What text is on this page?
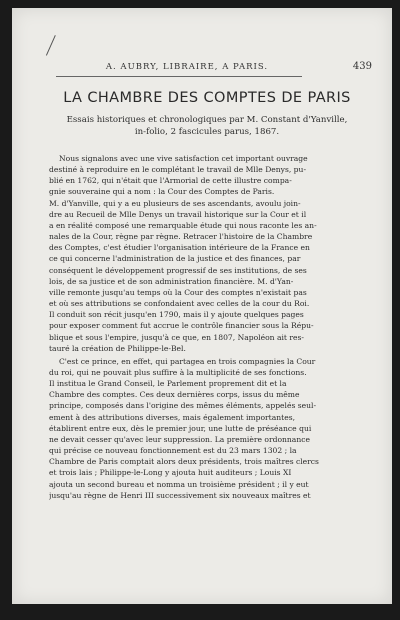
A. AUBRY, LIBRAIRE, A PARIS.	439
LA CHAMBRE DES COMPTES DE PARIS
Essais historiques et chronologiques par M. Constant d'Yanville,
in-folio, 2 fascicules parus, 1867.
Nous signalons avec une vive satisfaction cet important ouvrage
destiné à reproduire en le complétant le travail de Mlle Denys, pu-
blié en 1762, qui n'était que l'Armorial de cette illustre compa-
gnie souveraine qui a nom : la Cour des Comptes de Paris.
M. d'Yanville, qui y a eu plusieurs de ses ascendants, avoulu join-
dre au Recueil de Mlle Denys un travail historique sur la Cour et il
a en réalité composé une remarquable étude qui nous raconte les an-
nales de la Cour, règne par règne. Retracer l'histoire de la Chambre
des Comptes, c'est étudier l'organisation intérieure de la France en
ce qui concerne l'administration de la justice et des finances, par
conséquent le développement progressif de ses institutions, de ses
lois, de sa justice et de son administration financière. M. d'Yan-
ville remonte jusqu'au temps où la Cour des comptes n'existait pas
et où ses attributions se confondaient avec celles de la cour du Roi.
Il conduit son récit jusqu'en 1790, mais il y ajoute quelques pages
pour exposer comment fut accrue le contrôle financier sous la Répu-
blique et sous l'empire, jusqu'à ce que, en 1807, Napoléon ait res-
tauré la création de Philippe-le-Bel.
C'est ce prince, en effet, qui partagea en trois compagnies la Cour
du roi, qui ne pouvait plus suffire à la multiplicité de ses fonctions.
Il institua le Grand Conseil, le Parlement proprement dit et la
Chambre des comptes. Ces deux dernières corps, issus du même
principe, composés dans l'origine des mêmes éléments, appelés seul-
ement à des attributions diverses, mais également importantes,
établirent entre eux, dès le premier jour, une lutte de préséance qui
ne devait cesser qu'avec leur suppression. La première ordonnance
qui précise ce nouveau fonctionnement est du 23 mars 1302 ; la
Chambre de Paris comptait alors deux présidents, trois maîtres clercs
et trois lais ; Philippe-le-Long y ajouta huit auditeurs ; Louis XI
ajouta un second bureau et nomma un troisième président ; il y eut
jusqu'au règne de Henri III successivement six nouveaux maîtres et
